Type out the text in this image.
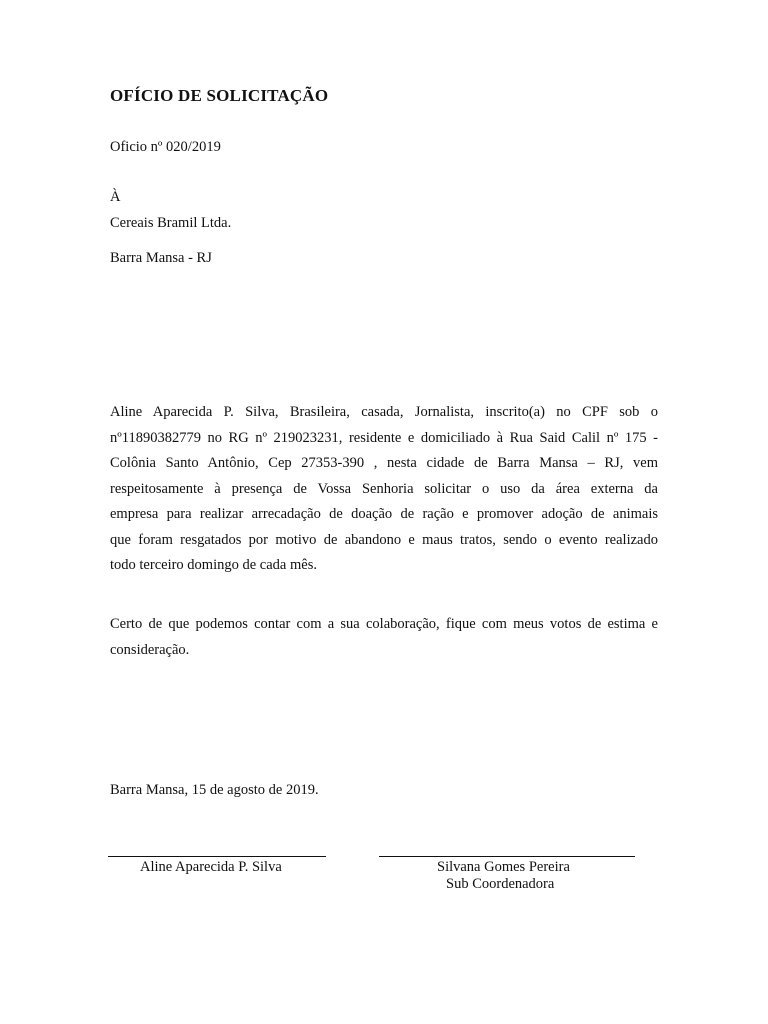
OFÍCIO DE SOLICITAÇÃO
Oficio nº 020/2019
À
Cereais Bramil Ltda.
Barra Mansa - RJ
Aline Aparecida P. Silva, Brasileira, casada, Jornalista, inscrito(a) no CPF sob o
nº11890382779 no RG nº 219023231, residente e domiciliado à Rua Said Calil nº 175 -
Colônia Santo Antônio, Cep 27353-390 , nesta cidade de Barra Mansa – RJ, vem
respeitosamente à presença de Vossa Senhoria solicitar o uso da área externa da
empresa para realizar arrecadação de doação de ração e promover adoção de animais
que foram resgatados por motivo de abandono e maus tratos, sendo o evento realizado
todo terceiro domingo de cada mês.
Certo de que podemos contar com a sua colaboração, fique com meus votos de estima e
consideração.
Barra Mansa, 15 de agosto de 2019.
Aline Aparecida P. Silva	Silvana Gomes Pereira
Sub Coordenadora
